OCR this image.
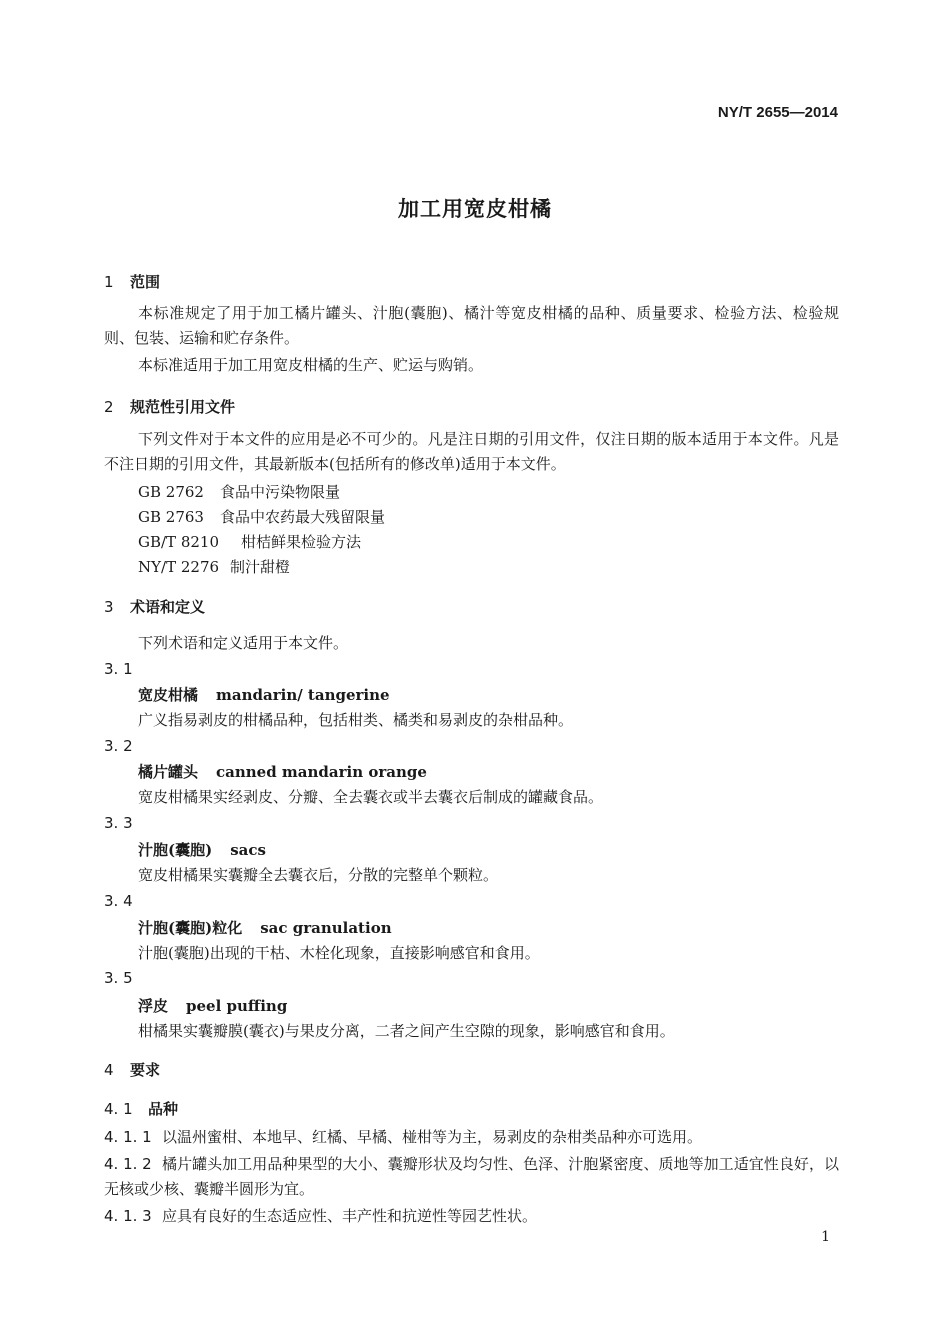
NY/T 2655—2014
加工用宽皮柑橘
1 范围
本标准规定了用于加工橘片罐头、汁胞(囊胞)、橘汁等宽皮柑橘的品种、质量要求、检验方法、检验规则、包装、运输和贮存条件。
本标准适用于加工用宽皮柑橘的生产、贮运与购销。
2 规范性引用文件
下列文件对于本文件的应用是必不可少的。凡是注日期的引用文件，仅注日期的版本适用于本文件。凡是不注日期的引用文件，其最新版本(包括所有的修改单)适用于本文件。
GB 2762 食品中污染物限量
GB 2763 食品中农药最大残留限量
GB/T 8210 柑桔鲜果检验方法
NY/T 2276 制汁甜橙
3 术语和定义
下列术语和定义适用于本文件。
3. 1
宽皮柑橘 mandarin/ tangerine
广义指易剥皮的柑橘品种，包括柑类、橘类和易剥皮的杂柑品种。
3. 2
橘片罐头 canned mandarin orange
宽皮柑橘果实经剥皮、分瓣、全去囊衣或半去囊衣后制成的罐藏食品。
3. 3
汁胞(囊胞) sacs
宽皮柑橘果实囊瓣全去囊衣后，分散的完整单个颗粒。
3. 4
汁胞(囊胞)粒化 sac granulation
汁胞(囊胞)出现的干枯、木栓化现象，直接影响感官和食用。
3. 5
浮皮 peel puffing
柑橘果实囊瓣膜(囊衣)与果皮分离，二者之间产生空隙的现象，影响感官和食用。
4 要求
4. 1 品种
4. 1. 1 以温州蜜柑、本地早、红橘、早橘、椪柑等为主，易剥皮的杂柑类品种亦可选用。
4. 1. 2 橘片罐头加工用品种果型的大小、囊瓣形状及均匀性、色泽、汁胞紧密度、质地等加工适宜性良好，以无核或少核、囊瓣半圆形为宜。
4. 1. 3 应具有良好的生态适应性、丰产性和抗逆性等园艺性状。
1
